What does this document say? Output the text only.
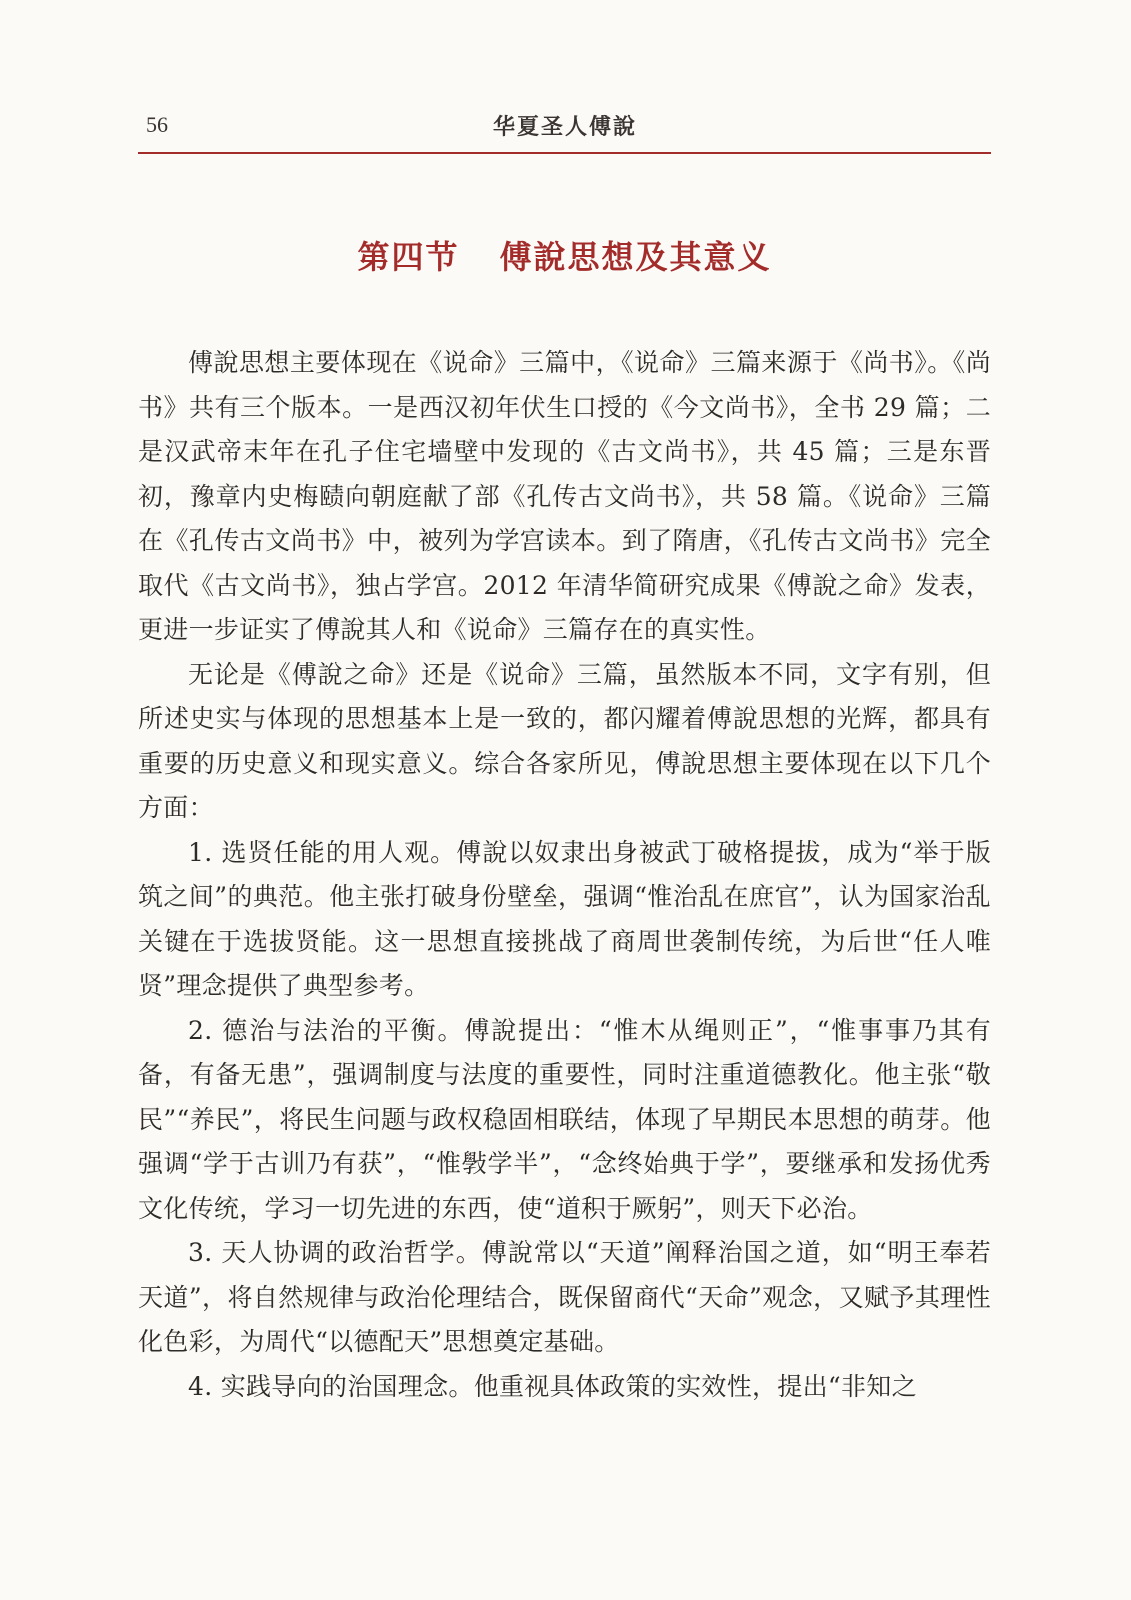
56	华夏圣人傅說
第四节 傅說思想及其意义

傅說思想主要体现在《说命》三篇中，《说命》三篇来源于《尚书》。《尚书》共有三个版本。一是西汉初年伏生口授的《今文尚书》，全书 29 篇；二是汉武帝末年在孔子住宅墙壁中发现的《古文尚书》，共 45 篇；三是东晋初，豫章内史梅赜向朝庭献了部《孔传古文尚书》，共 58 篇。《说命》三篇在《孔传古文尚书》中，被列为学宫读本。到了隋唐，《孔传古文尚书》完全取代《古文尚书》，独占学宫。2012 年清华简研究成果《傅說之命》发表，更进一步证实了傅說其人和《说命》三篇存在的真实性。

无论是《傅說之命》还是《说命》三篇，虽然版本不同，文字有别，但所述史实与体现的思想基本上是一致的，都闪耀着傅說思想的光辉，都具有重要的历史意义和现实意义。综合各家所见，傅說思想主要体现在以下几个方面：

1. 选贤任能的用人观。傅說以奴隶出身被武丁破格提拔，成为“举于版筑之间”的典范。他主张打破身份壁垒，强调“惟治乱在庶官”，认为国家治乱关键在于选拔贤能。这一思想直接挑战了商周世袭制传统，为后世“任人唯贤”理念提供了典型参考。

2. 德治与法治的平衡。傅說提出：“惟木从绳则正”，“惟事事乃其有备，有备无患”，强调制度与法度的重要性，同时注重道德教化。他主张“敬民”“养民”，将民生问题与政权稳固相联结，体现了早期民本思想的萌芽。他强调“学于古训乃有获”，“惟斅学半”，“念终始典于学”，要继承和发扬优秀文化传统，学习一切先进的东西，使“道积于厥躬”，则天下必治。

3. 天人协调的政治哲学。傅說常以“天道”阐释治国之道，如“明王奉若天道”，将自然规律与政治伦理结合，既保留商代“天命”观念，又赋予其理性化色彩，为周代“以德配天”思想奠定基础。

4. 实践导向的治国理念。他重视具体政策的实效性，提出“非知之
